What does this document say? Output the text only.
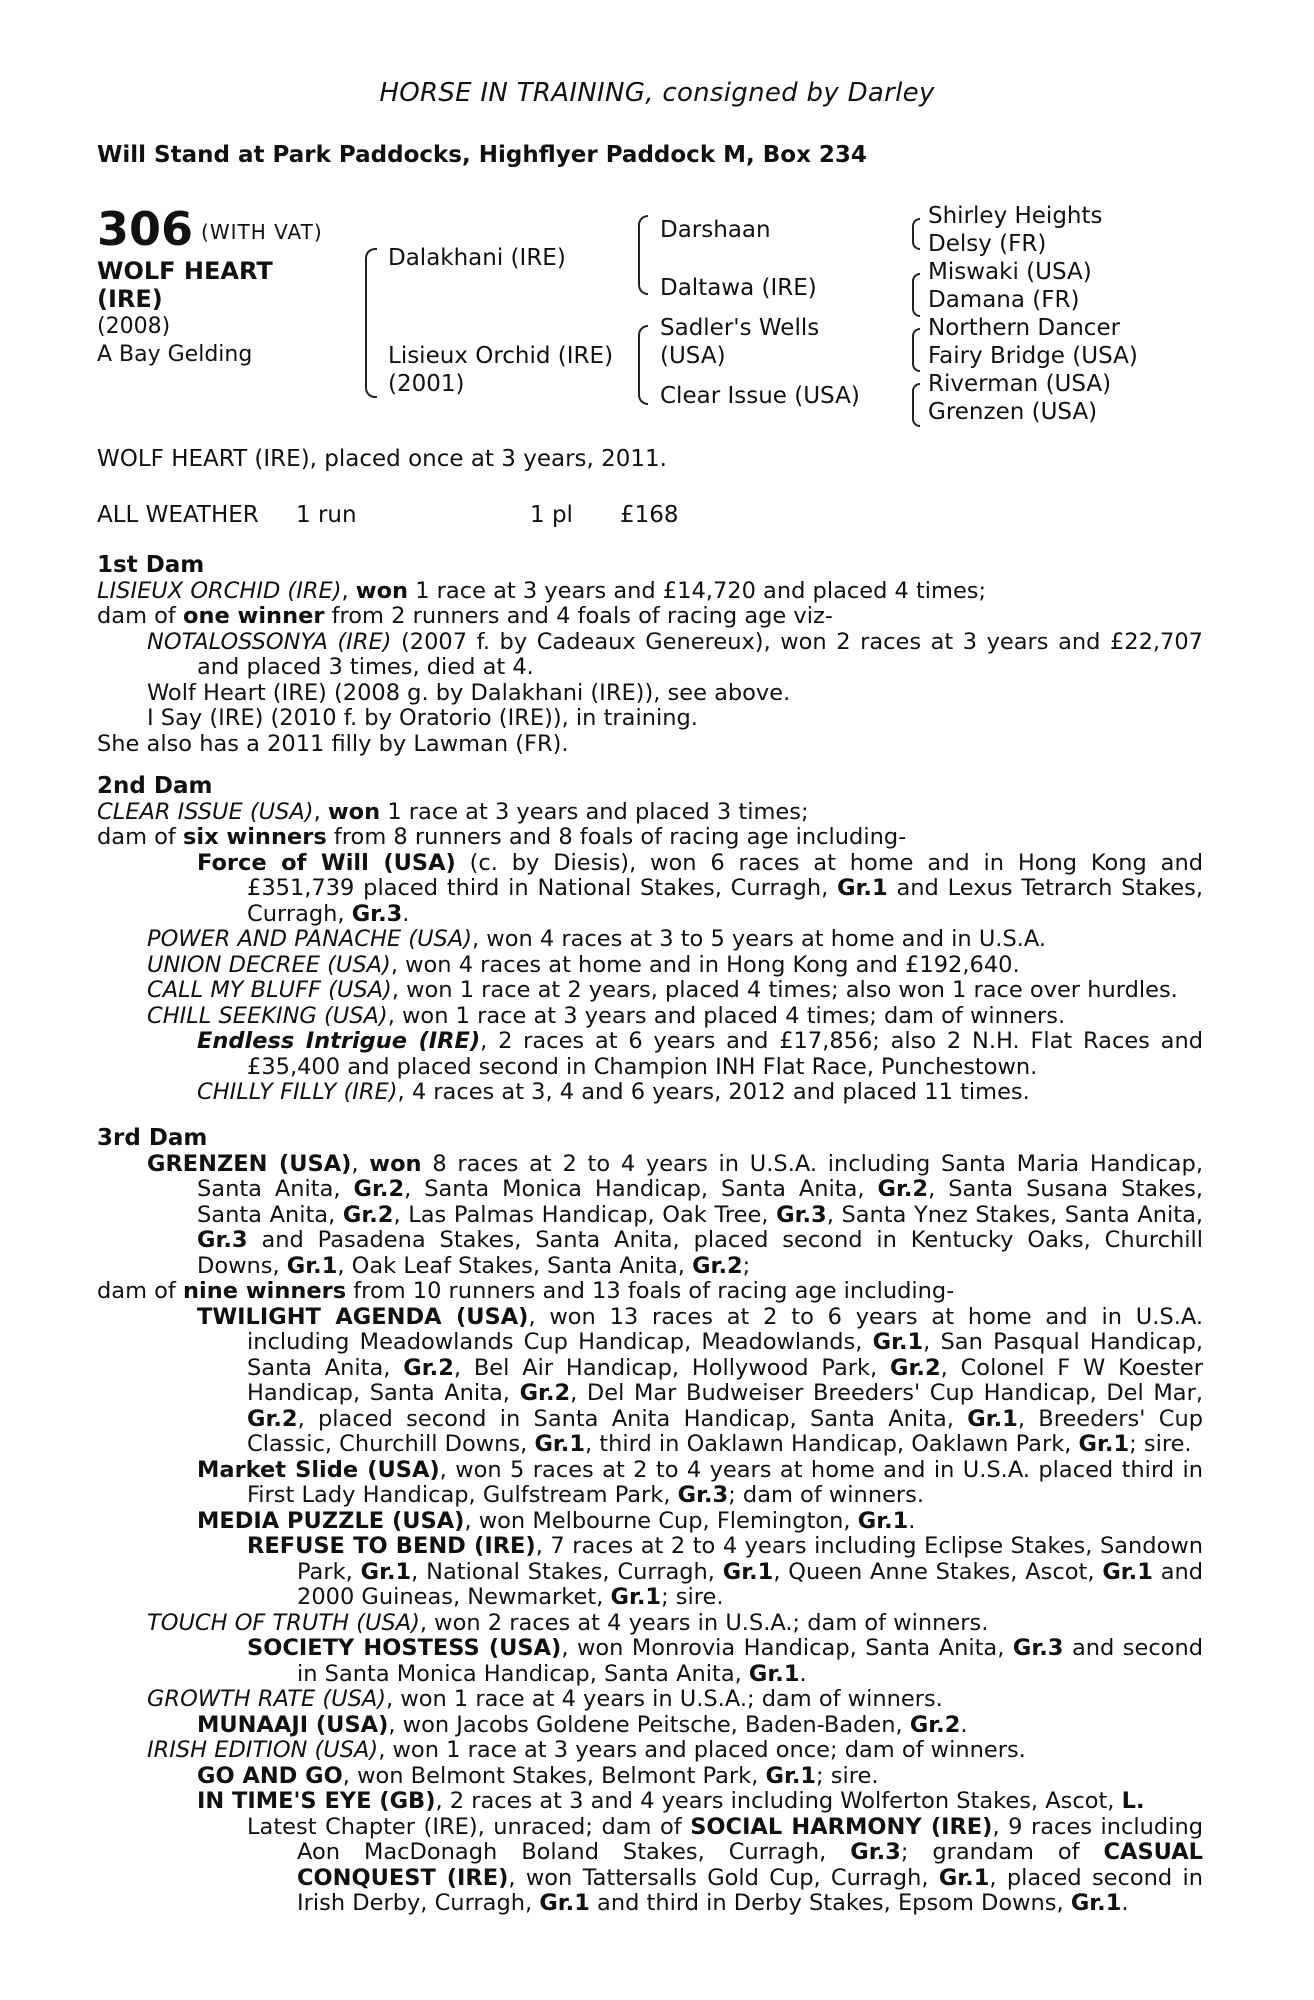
HORSE IN TRAINING, consigned by Darley
Will Stand at Park Paddocks, Highflyer Paddock M, Box 234
306 (WITH VAT)
WOLF HEART
(IRE)
(2008)
A Bay Gelding
Dalakhani (IRE)
Lisieux Orchid (IRE)
(2001)
Darshaan
Daltawa (IRE)
Sadler's Wells
(USA)
Clear Issue (USA)
Shirley Heights
Delsy (FR)
Miswaki (USA)
Damana (FR)
Northern Dancer
Fairy Bridge (USA)
Riverman (USA)
Grenzen (USA)
WOLF HEART (IRE), placed once at 3 years, 2011.
ALL WEATHER 1 run	1 pl £168

1st Dam

LISIEUX ORCHID (IRE), won 1 race at 3 years and £14,720 and placed 4 times;

dam of one winner from 2 runners and 4 foals of racing age viz-

NOTALOSSONYA (IRE) (2007 f. by Cadeaux Genereux), won 2 races at 3 years and £22,707 and placed 3 times, died at 4.

Wolf Heart (IRE) (2008 g. by Dalakhani (IRE)), see above.

I Say (IRE) (2010 f. by Oratorio (IRE)), in training.

She also has a 2011 filly by Lawman (FR).

2nd Dam

CLEAR ISSUE (USA), won 1 race at 3 years and placed 3 times;

dam of six winners from 8 runners and 8 foals of racing age including-

Force of Will (USA) (c. by Diesis), won 6 races at home and in Hong Kong and £351,739 placed third in National Stakes, Curragh, Gr.1 and Lexus Tetrarch Stakes, Curragh, Gr.3.

POWER AND PANACHE (USA), won 4 races at 3 to 5 years at home and in U.S.A.

UNION DECREE (USA), won 4 races at home and in Hong Kong and £192,640.

CALL MY BLUFF (USA), won 1 race at 2 years, placed 4 times; also won 1 race over hurdles.

CHILL SEEKING (USA), won 1 race at 3 years and placed 4 times; dam of winners.

Endless Intrigue (IRE), 2 races at 6 years and £17,856; also 2 N.H. Flat Races and £35,400 and placed second in Champion INH Flat Race, Punchestown.

CHILLY FILLY (IRE), 4 races at 3, 4 and 6 years, 2012 and placed 11 times.

3rd Dam

GRENZEN (USA), won 8 races at 2 to 4 years in U.S.A. including Santa Maria Handicap, Santa Anita, Gr.2, Santa Monica Handicap, Santa Anita, Gr.2, Santa Susana Stakes, Santa Anita, Gr.2, Las Palmas Handicap, Oak Tree, Gr.3, Santa Ynez Stakes, Santa Anita, Gr.3 and Pasadena Stakes, Santa Anita, placed second in Kentucky Oaks, Churchill Downs, Gr.1, Oak Leaf Stakes, Santa Anita, Gr.2;

dam of nine winners from 10 runners and 13 foals of racing age including-

TWILIGHT AGENDA (USA), won 13 races at 2 to 6 years at home and in U.S.A. including Meadowlands Cup Handicap, Meadowlands, Gr.1, San Pasqual Handicap, Santa Anita, Gr.2, Bel Air Handicap, Hollywood Park, Gr.2, Colonel F W Koester Handicap, Santa Anita, Gr.2, Del Mar Budweiser Breeders' Cup Handicap, Del Mar, Gr.2, placed second in Santa Anita Handicap, Santa Anita, Gr.1, Breeders' Cup Classic, Churchill Downs, Gr.1, third in Oaklawn Handicap, Oaklawn Park, Gr.1; sire.

Market Slide (USA), won 5 races at 2 to 4 years at home and in U.S.A. placed third in First Lady Handicap, Gulfstream Park, Gr.3; dam of winners.

MEDIA PUZZLE (USA), won Melbourne Cup, Flemington, Gr.1.

REFUSE TO BEND (IRE), 7 races at 2 to 4 years including Eclipse Stakes, Sandown Park, Gr.1, National Stakes, Curragh, Gr.1, Queen Anne Stakes, Ascot, Gr.1 and 2000 Guineas, Newmarket, Gr.1; sire.

TOUCH OF TRUTH (USA), won 2 races at 4 years in U.S.A.; dam of winners.

SOCIETY HOSTESS (USA), won Monrovia Handicap, Santa Anita, Gr.3 and second in Santa Monica Handicap, Santa Anita, Gr.1.

GROWTH RATE (USA), won 1 race at 4 years in U.S.A.; dam of winners.

MUNAAJI (USA), won Jacobs Goldene Peitsche, Baden-Baden, Gr.2.

IRISH EDITION (USA), won 1 race at 3 years and placed once; dam of winners.

GO AND GO, won Belmont Stakes, Belmont Park, Gr.1; sire.

IN TIME'S EYE (GB), 2 races at 3 and 4 years including Wolferton Stakes, Ascot, L.

Latest Chapter (IRE), unraced; dam of SOCIAL HARMONY (IRE), 9 races including Aon MacDonagh Boland Stakes, Curragh, Gr.3; grandam of CASUAL CONQUEST (IRE), won Tattersalls Gold Cup, Curragh, Gr.1, placed second in Irish Derby, Curragh, Gr.1 and third in Derby Stakes, Epsom Downs, Gr.1.
